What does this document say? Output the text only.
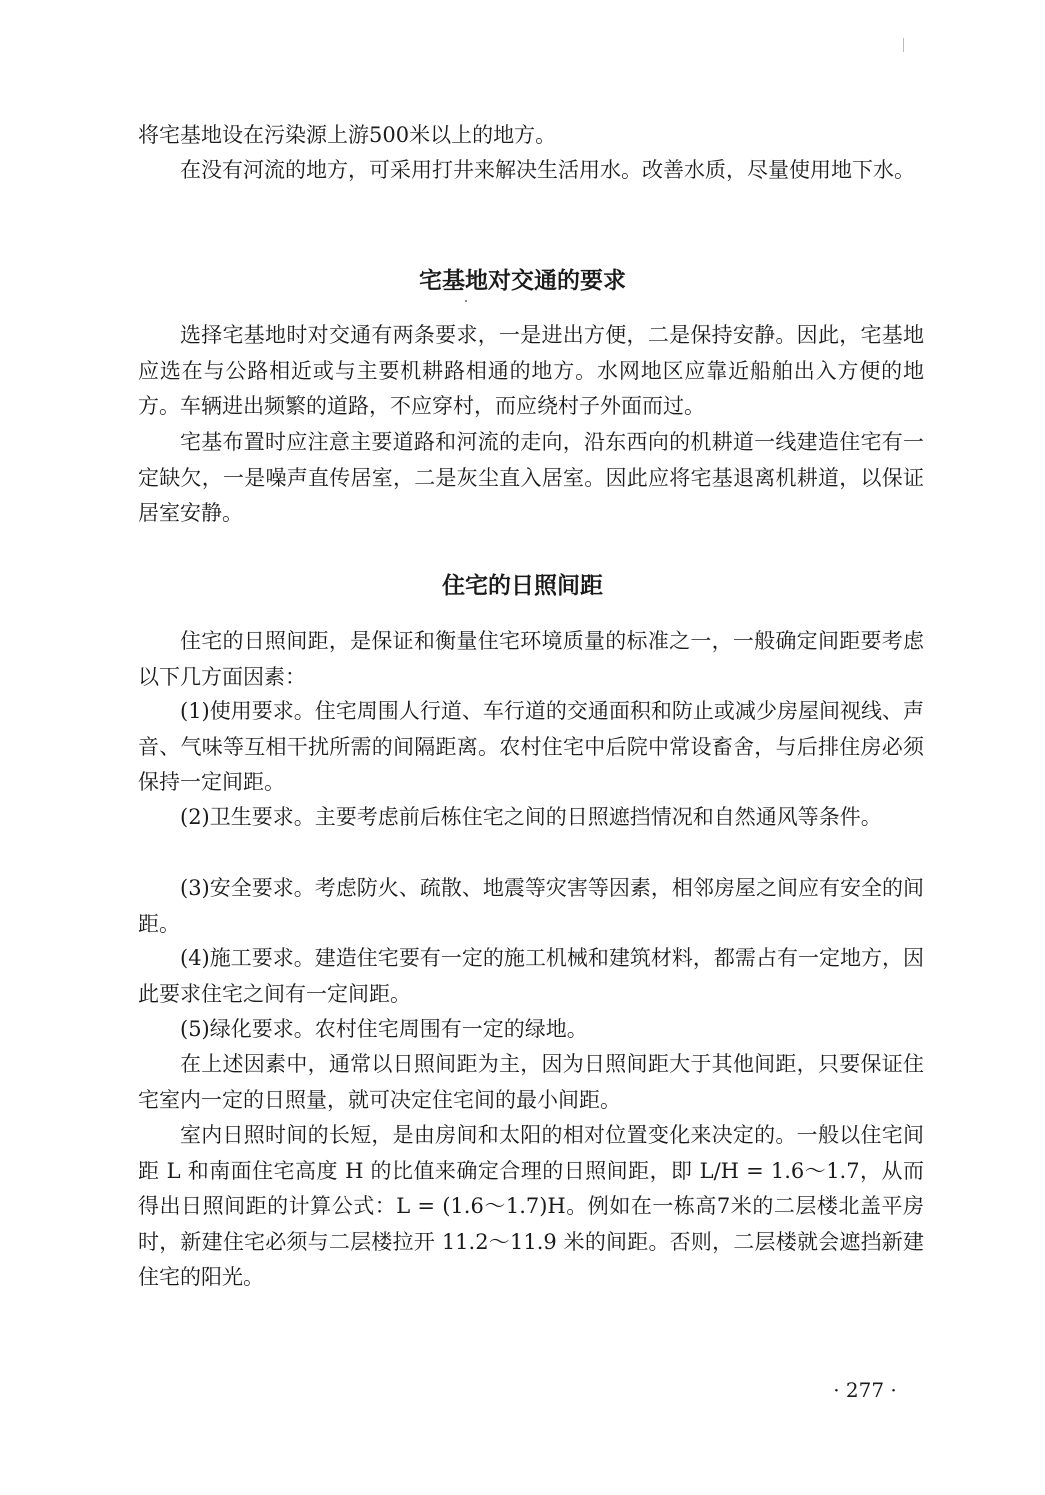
将宅基地设在污染源上游500米以上的地方。

在没有河流的地方，可采用打井来解决生活用水。改善水质，尽量使用地下水。

宅基地对交通的要求

选择宅基地时对交通有两条要求，一是进出方便，二是保持安静。因此，宅基地应选在与公路相近或与主要机耕路相通的地方。水网地区应靠近船舶出入方便的地方。车辆进出频繁的道路，不应穿村，而应绕村子外面而过。

宅基布置时应注意主要道路和河流的走向，沿东西向的机耕道一线建造住宅有一定缺欠，一是噪声直传居室，二是灰尘直入居室。因此应将宅基退离机耕道，以保证居室安静。

住宅的日照间距

住宅的日照间距，是保证和衡量住宅环境质量的标准之一，一般确定间距要考虑以下几方面因素：

(1)使用要求。住宅周围人行道、车行道的交通面积和防止或减少房屋间视线、声音、气味等互相干扰所需的间隔距离。农村住宅中后院中常设畜舍，与后排住房必须保持一定间距。

(2)卫生要求。主要考虑前后栋住宅之间的日照遮挡情况和自然通风等条件。

(3)安全要求。考虑防火、疏散、地震等灾害等因素，相邻房屋之间应有安全的间距。

(4)施工要求。建造住宅要有一定的施工机械和建筑材料，都需占有一定地方，因此要求住宅之间有一定间距。

(5)绿化要求。农村住宅周围有一定的绿地。

在上述因素中，通常以日照间距为主，因为日照间距大于其他间距，只要保证住宅室内一定的日照量，就可决定住宅间的最小间距。

室内日照时间的长短，是由房间和太阳的相对位置变化来决定的。一般以住宅间距 L 和南面住宅高度 H 的比值来确定合理的日照间距，即 L/H = 1.6～1.7，从而得出日照间距的计算公式：L = (1.6～1.7)H。例如在一栋高7米的二层楼北盖平房时，新建住宅必须与二层楼拉开 11.2～11.9 米的间距。否则，二层楼就会遮挡新建住宅的阳光。

· 277 ·
